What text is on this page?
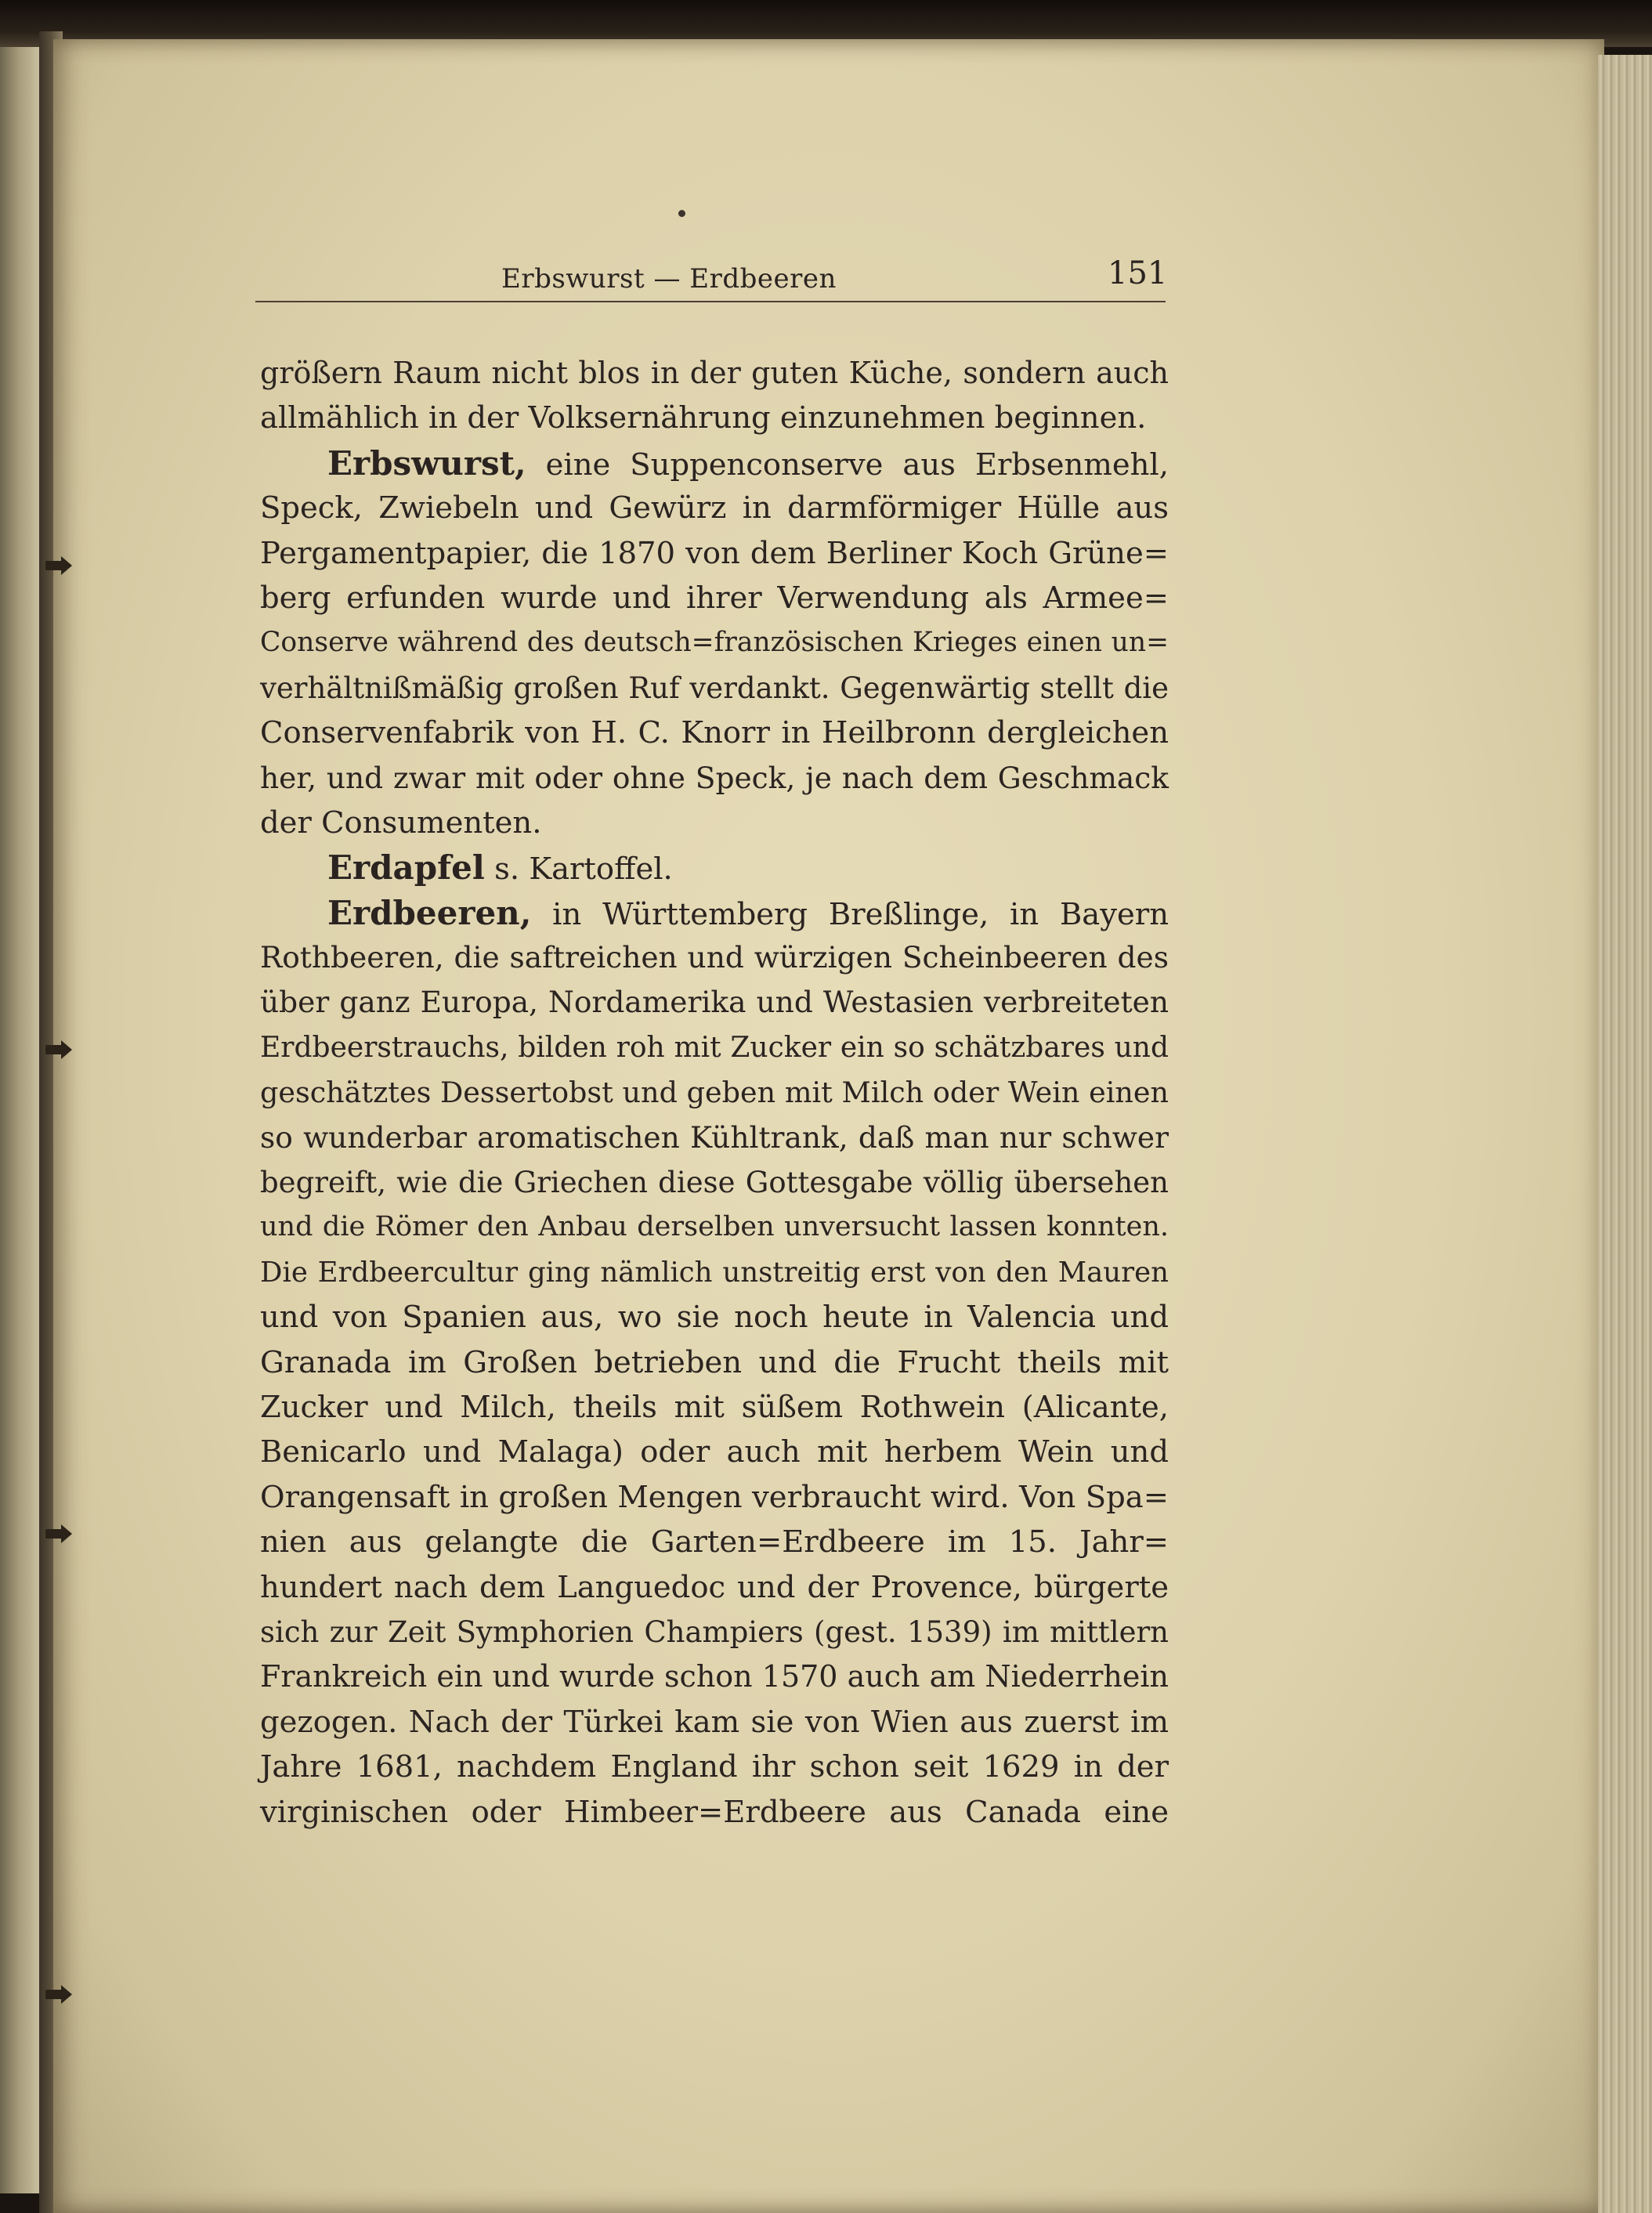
Erbswurst — Erdbeeren	151
größern Raum nicht blos in der guten Küche, sondern auch
allmählich in der Volksernährung einzunehmen beginnen.
Erbswurst, eine Suppenconserve aus Erbsenmehl,
Speck, Zwiebeln und Gewürz in darmförmiger Hülle aus
Pergamentpapier, die 1870 von dem Berliner Koch Grüne=
berg erfunden wurde und ihrer Verwendung als Armee=
Conserve während des deutsch=französischen Krieges einen un=
verhältnißmäßig großen Ruf verdankt. Gegenwärtig stellt die
Conservenfabrik von H. C. Knorr in Heilbronn dergleichen
her, und zwar mit oder ohne Speck, je nach dem Geschmack
der Consumenten.
Erdapfel s. Kartoffel.
Erdbeeren, in Württemberg Breßlinge, in Bayern
Rothbeeren, die saftreichen und würzigen Scheinbeeren des
über ganz Europa, Nordamerika und Westasien verbreiteten
Erdbeerstrauchs, bilden roh mit Zucker ein so schätzbares und
geschätztes Dessertobst und geben mit Milch oder Wein einen
so wunderbar aromatischen Kühltrank, daß man nur schwer
begreift, wie die Griechen diese Gottesgabe völlig übersehen
und die Römer den Anbau derselben unversucht lassen konnten.
Die Erdbeercultur ging nämlich unstreitig erst von den Mauren
und von Spanien aus, wo sie noch heute in Valencia und
Granada im Großen betrieben und die Frucht theils mit
Zucker und Milch, theils mit süßem Rothwein (Alicante,
Benicarlo und Malaga) oder auch mit herbem Wein und
Orangensaft in großen Mengen verbraucht wird. Von Spa=
nien aus gelangte die Garten=Erdbeere im 15. Jahr=
hundert nach dem Languedoc und der Provence, bürgerte
sich zur Zeit Symphorien Champiers (gest. 1539) im mittlern
Frankreich ein und wurde schon 1570 auch am Niederrhein
gezogen. Nach der Türkei kam sie von Wien aus zuerst im
Jahre 1681, nachdem England ihr schon seit 1629 in der
virginischen oder Himbeer=Erdbeere aus Canada eine
